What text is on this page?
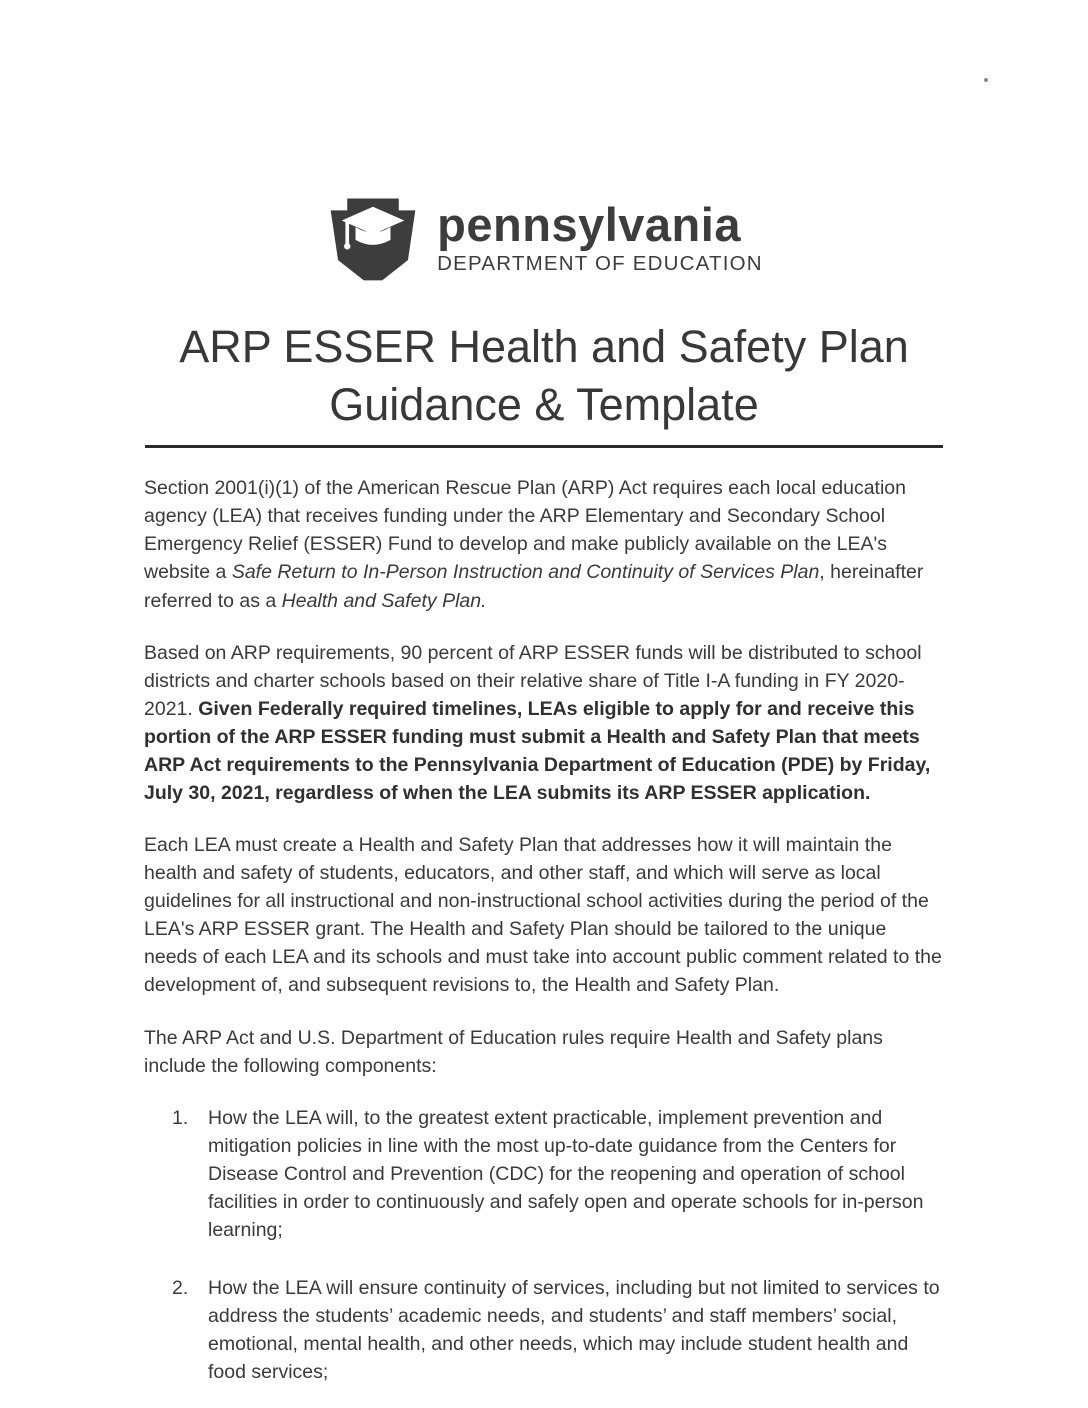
pennsylvania
DEPARTMENT OF EDUCATION
ARP ESSER Health and Safety Plan
Guidance & Template

Section 2001(i)(1) of the American Rescue Plan (ARP) Act requires each local education agency (LEA) that receives funding under the ARP Elementary and Secondary School Emergency Relief (ESSER) Fund to develop and make publicly available on the LEA's website a Safe Return to In-Person Instruction and Continuity of Services Plan, hereinafter referred to as a Health and Safety Plan.

Based on ARP requirements, 90 percent of ARP ESSER funds will be distributed to school districts and charter schools based on their relative share of Title I-A funding in FY 2020-2021. Given Federally required timelines, LEAs eligible to apply for and receive this portion of the ARP ESSER funding must submit a Health and Safety Plan that meets ARP Act requirements to the Pennsylvania Department of Education (PDE) by Friday, July 30, 2021, regardless of when the LEA submits its ARP ESSER application.

Each LEA must create a Health and Safety Plan that addresses how it will maintain the health and safety of students, educators, and other staff, and which will serve as local guidelines for all instructional and non-instructional school activities during the period of the LEA's ARP ESSER grant. The Health and Safety Plan should be tailored to the unique needs of each LEA and its schools and must take into account public comment related to the development of, and subsequent revisions to, the Health and Safety Plan.

The ARP Act and U.S. Department of Education rules require Health and Safety plans include the following components:

1.	How the LEA will, to the greatest extent practicable, implement prevention and mitigation policies in line with the most up-to-date guidance from the Centers for Disease Control and Prevention (CDC) for the reopening and operation of school facilities in order to continuously and safely open and operate schools for in-person learning;
2.	How the LEA will ensure continuity of services, including but not limited to services to address the students’ academic needs, and students’ and staff members’ social, emotional, mental health, and other needs, which may include student health and food services;
